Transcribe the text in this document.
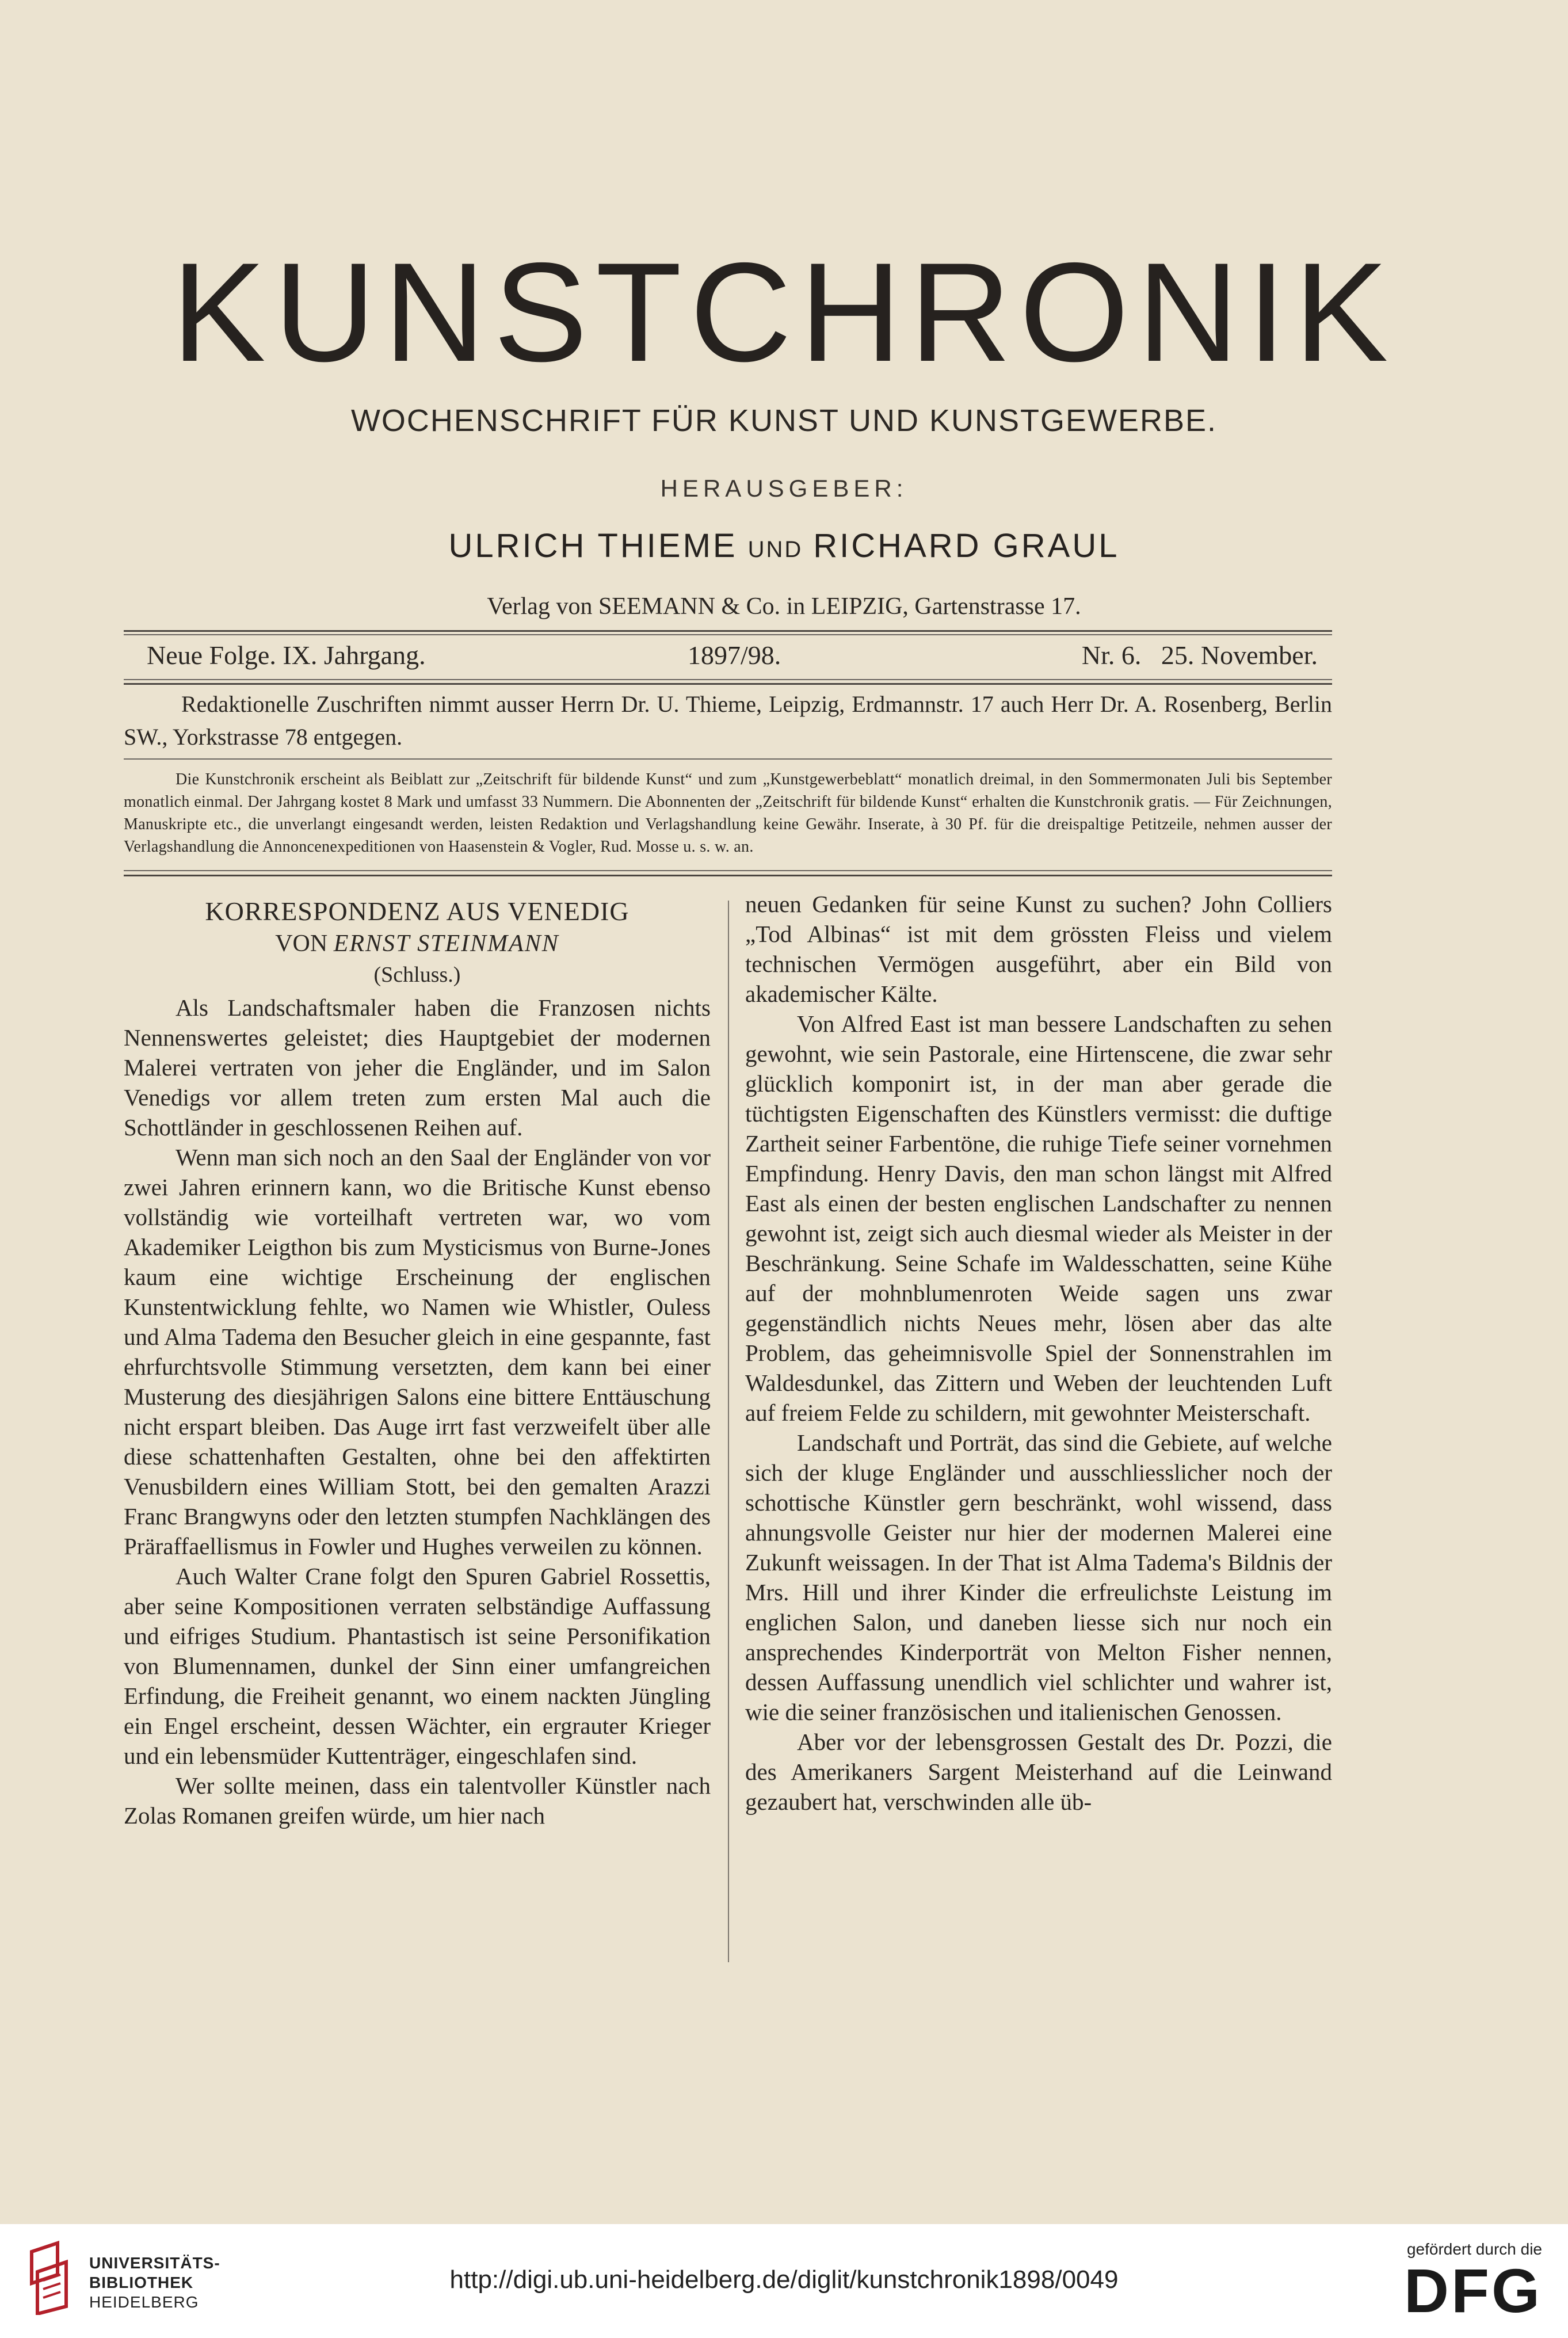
KUNSTCHRONIK
WOCHENSCHRIFT FÜR KUNST UND KUNSTGEWERBE.
HERAUSGEBER:
ULRICH THIEME UND RICHARD GRAUL
Verlag von SEEMANN & Co. in LEIPZIG, Gartenstrasse 17.
Neue Folge. IX. Jahrgang.	1897/98.	Nr. 6.   25. November.
Redaktionelle Zuschriften nimmt ausser Herrn Dr. U. Thieme, Leipzig, Erdmannstr. 17 auch Herr Dr. A. Rosenberg, Berlin SW., Yorkstrasse 78 entgegen.
Die Kunstchronik erscheint als Beiblatt zur „Zeitschrift für bildende Kunst“ und zum „Kunstgewerbeblatt“ monatlich dreimal, in den Sommermonaten Juli bis September monatlich einmal. Der Jahrgang kostet 8 Mark und umfasst 33 Nummern. Die Abonnenten der „Zeitschrift für bildende Kunst“ erhalten die Kunstchronik gratis. — Für Zeichnungen, Manuskripte etc., die unverlangt eingesandt werden, leisten Redaktion und Verlagshandlung keine Gewähr. Inserate, à 30 Pf. für die dreispaltige Petitzeile, nehmen ausser der Verlagshandlung die Annoncenexpeditionen von Haasenstein & Vogler, Rud. Mosse u. s. w. an.
KORRESPONDENZ AUS VENEDIG
VON ERNST STEINMANN
(Schluss.)

Als Landschaftsmaler haben die Franzosen nichts Nennenswertes geleistet; dies Hauptgebiet der modernen Malerei vertraten von jeher die Engländer, und im Salon Venedigs vor allem treten zum ersten Mal auch die Schottländer in geschlossenen Reihen auf.

Wenn man sich noch an den Saal der Engländer von vor zwei Jahren erinnern kann, wo die Britische Kunst ebenso vollständig wie vorteilhaft vertreten war, wo vom Akademiker Leigthon bis zum Mysticismus von Burne-Jones kaum eine wichtige Erscheinung der englischen Kunstentwicklung fehlte, wo Namen wie Whistler, Ouless und Alma Tadema den Besucher gleich in eine gespannte, fast ehrfurchtsvolle Stimmung versetzten, dem kann bei einer Musterung des diesjährigen Salons eine bittere Enttäuschung nicht erspart bleiben. Das Auge irrt fast verzweifelt über alle diese schattenhaften Gestalten, ohne bei den affektirten Venusbildern eines William Stott, bei den gemalten Arazzi Franc Brangwyns oder den letzten stumpfen Nachklängen des Präraffaellismus in Fowler und Hughes verweilen zu können.

Auch Walter Crane folgt den Spuren Gabriel Rossettis, aber seine Kompositionen verraten selbständige Auffassung und eifriges Studium. Phantastisch ist seine Personifikation von Blumennamen, dunkel der Sinn einer umfangreichen Erfindung, die Freiheit genannt, wo einem nackten Jüngling ein Engel erscheint, dessen Wächter, ein ergrauter Krieger und ein lebensmüder Kuttenträger, eingeschlafen sind.

Wer sollte meinen, dass ein talentvoller Künstler nach Zolas Romanen greifen würde, um hier nach

neuen Gedanken für seine Kunst zu suchen? John Colliers „Tod Albinas“ ist mit dem grössten Fleiss und vielem technischen Vermögen ausgeführt, aber ein Bild von akademischer Kälte.

Von Alfred East ist man bessere Landschaften zu sehen gewohnt, wie sein Pastorale, eine Hirtenscene, die zwar sehr glücklich komponirt ist, in der man aber gerade die tüchtigsten Eigenschaften des Künstlers vermisst: die duftige Zartheit seiner Farbentöne, die ruhige Tiefe seiner vornehmen Empfindung. Henry Davis, den man schon längst mit Alfred East als einen der besten englischen Landschafter zu nennen gewohnt ist, zeigt sich auch diesmal wieder als Meister in der Beschränkung. Seine Schafe im Waldesschatten, seine Kühe auf der mohnblumenroten Weide sagen uns zwar gegenständlich nichts Neues mehr, lösen aber das alte Problem, das geheimnisvolle Spiel der Sonnenstrahlen im Waldesdunkel, das Zittern und Weben der leuchtenden Luft auf freiem Felde zu schildern, mit gewohnter Meisterschaft.

Landschaft und Porträt, das sind die Gebiete, auf welche sich der kluge Engländer und ausschliesslicher noch der schottische Künstler gern beschränkt, wohl wissend, dass ahnungsvolle Geister nur hier der modernen Malerei eine Zukunft weissagen. In der That ist Alma Tadema's Bildnis der Mrs. Hill und ihrer Kinder die erfreulichste Leistung im englichen Salon, und daneben liesse sich nur noch ein ansprechendes Kinderporträt von Melton Fisher nennen, dessen Auffassung unendlich viel schlichter und wahrer ist, wie die seiner französischen und italienischen Genossen.

Aber vor der lebensgrossen Gestalt des Dr. Pozzi, die des Amerikaners Sargent Meisterhand auf die Leinwand gezaubert hat, verschwinden alle üb-

UNIVERSITÄTS-
BIBLIOTHEK
HEIDELBERG
http://digi.ub.uni-heidelberg.de/diglit/kunstchronik1898/0049
gefördert durch die
DFG
